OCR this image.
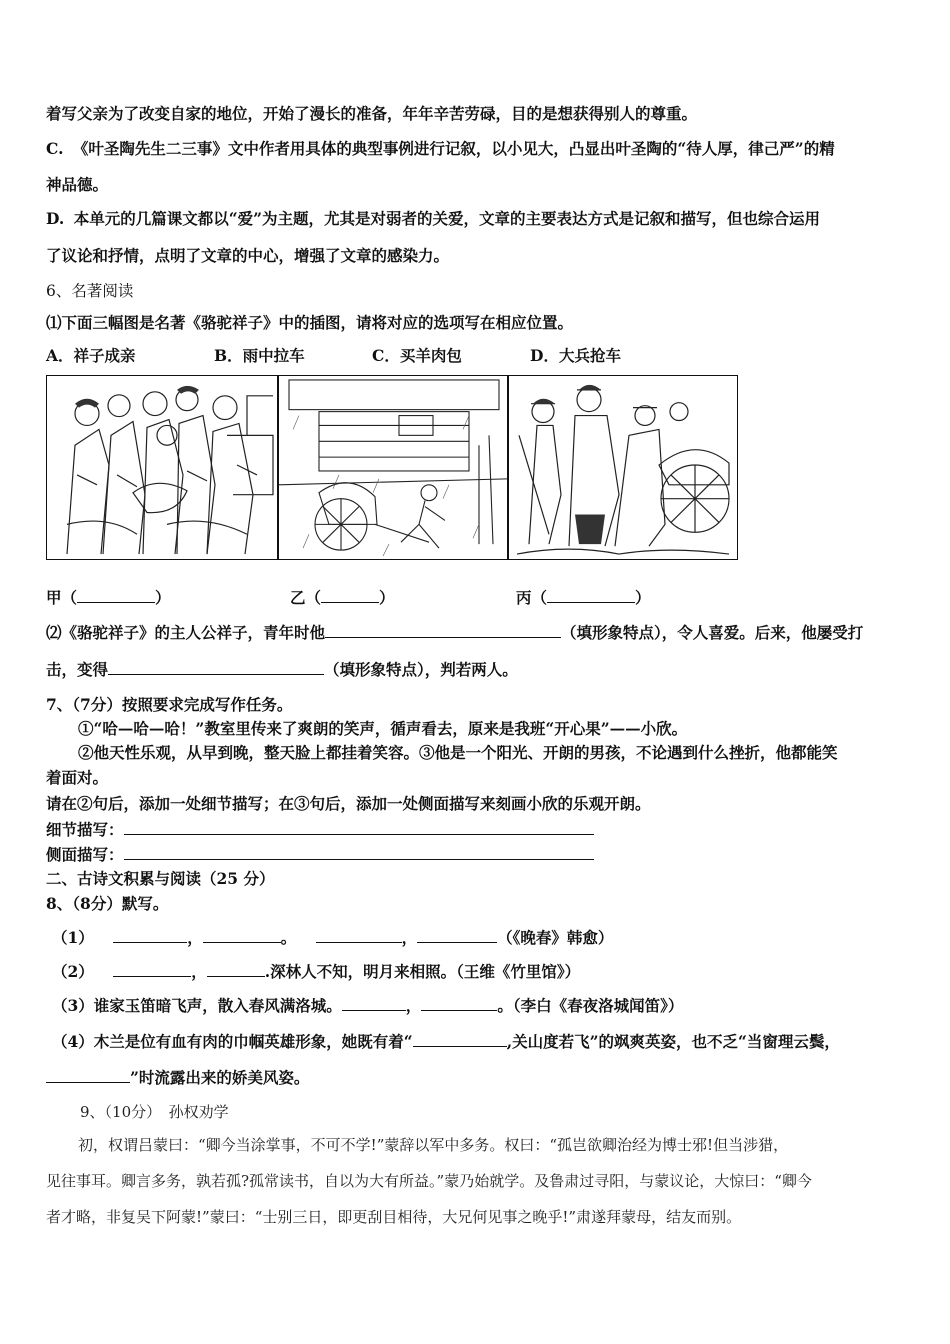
着写父亲为了改变自家的地位，开始了漫长的准备，年年辛苦劳碌，目的是想获得别人的尊重。
C. 《叶圣陶先生二三事》文中作者用具体的典型事例进行记叙，以小见大，凸显出叶圣陶的“待人厚，律己严”的精
神品德。
D. 本单元的几篇课文都以“爱”为主题，尤其是对弱者的关爱，文章的主要表达方式是记叙和描写，但也综合运用
了议论和抒情，点明了文章的中心，增强了文章的感染力。
6、名著阅读
⑴下面三幅图是名著《骆驼祥子》中的插图，请将对应的选项写在相应位置。
A．祥子成亲	B．雨中拉车	C．买羊肉包	D．大兵抢车
甲（	）	乙（	）	丙（	）
⑵《骆驼祥子》的主人公祥子，青年时他	（填形象特点），令人喜爱。后来，他屡受打
击，变得	（填形象特点），判若两人。
7、（7分）按照要求完成写作任务。
①“哈—哈—哈！”教室里传来了爽朗的笑声，循声看去，原来是我班“开心果”——小欣。
②他天性乐观，从早到晚，整天脸上都挂着笑容。③他是一个阳光、开朗的男孩，不论遇到什么挫折，他都能笑
着面对。
请在②句后，添加一处细节描写；在③句后，添加一处侧面描写来刻画小欣的乐观开朗。
细节描写：
侧面描写：
二、古诗文积累与阅读（25 分）
8、（8分）默写。
（1）	，	。	，	（《晚春》韩愈）
（2）	，	.深林人不知，明月来相照。（王维《竹里馆》）
（3）谁家玉笛暗飞声，散入春风满洛城。	，	。（李白《春夜洛城闻笛》）
（4）木兰是位有血有肉的巾帼英雄形象，她既有着“	,关山度若飞”的飒爽英姿，也不乏“当窗理云鬓，
”时流露出来的娇美风姿。
9、（10分）　孙权劝学
初，权谓吕蒙曰：“卿今当涂掌事，不可不学!”蒙辞以军中多务。权曰：“孤岂欲卿治经为博士邪!但当涉猎，
见往事耳。卿言多务，孰若孤?孤常读书，自以为大有所益。”蒙乃始就学。及鲁肃过寻阳，与蒙议论，大惊曰：“卿今
者才略，非复吴下阿蒙!”蒙曰：“士别三日，即更刮目相待，大兄何见事之晚乎!”肃遂拜蒙母，结友而别。
